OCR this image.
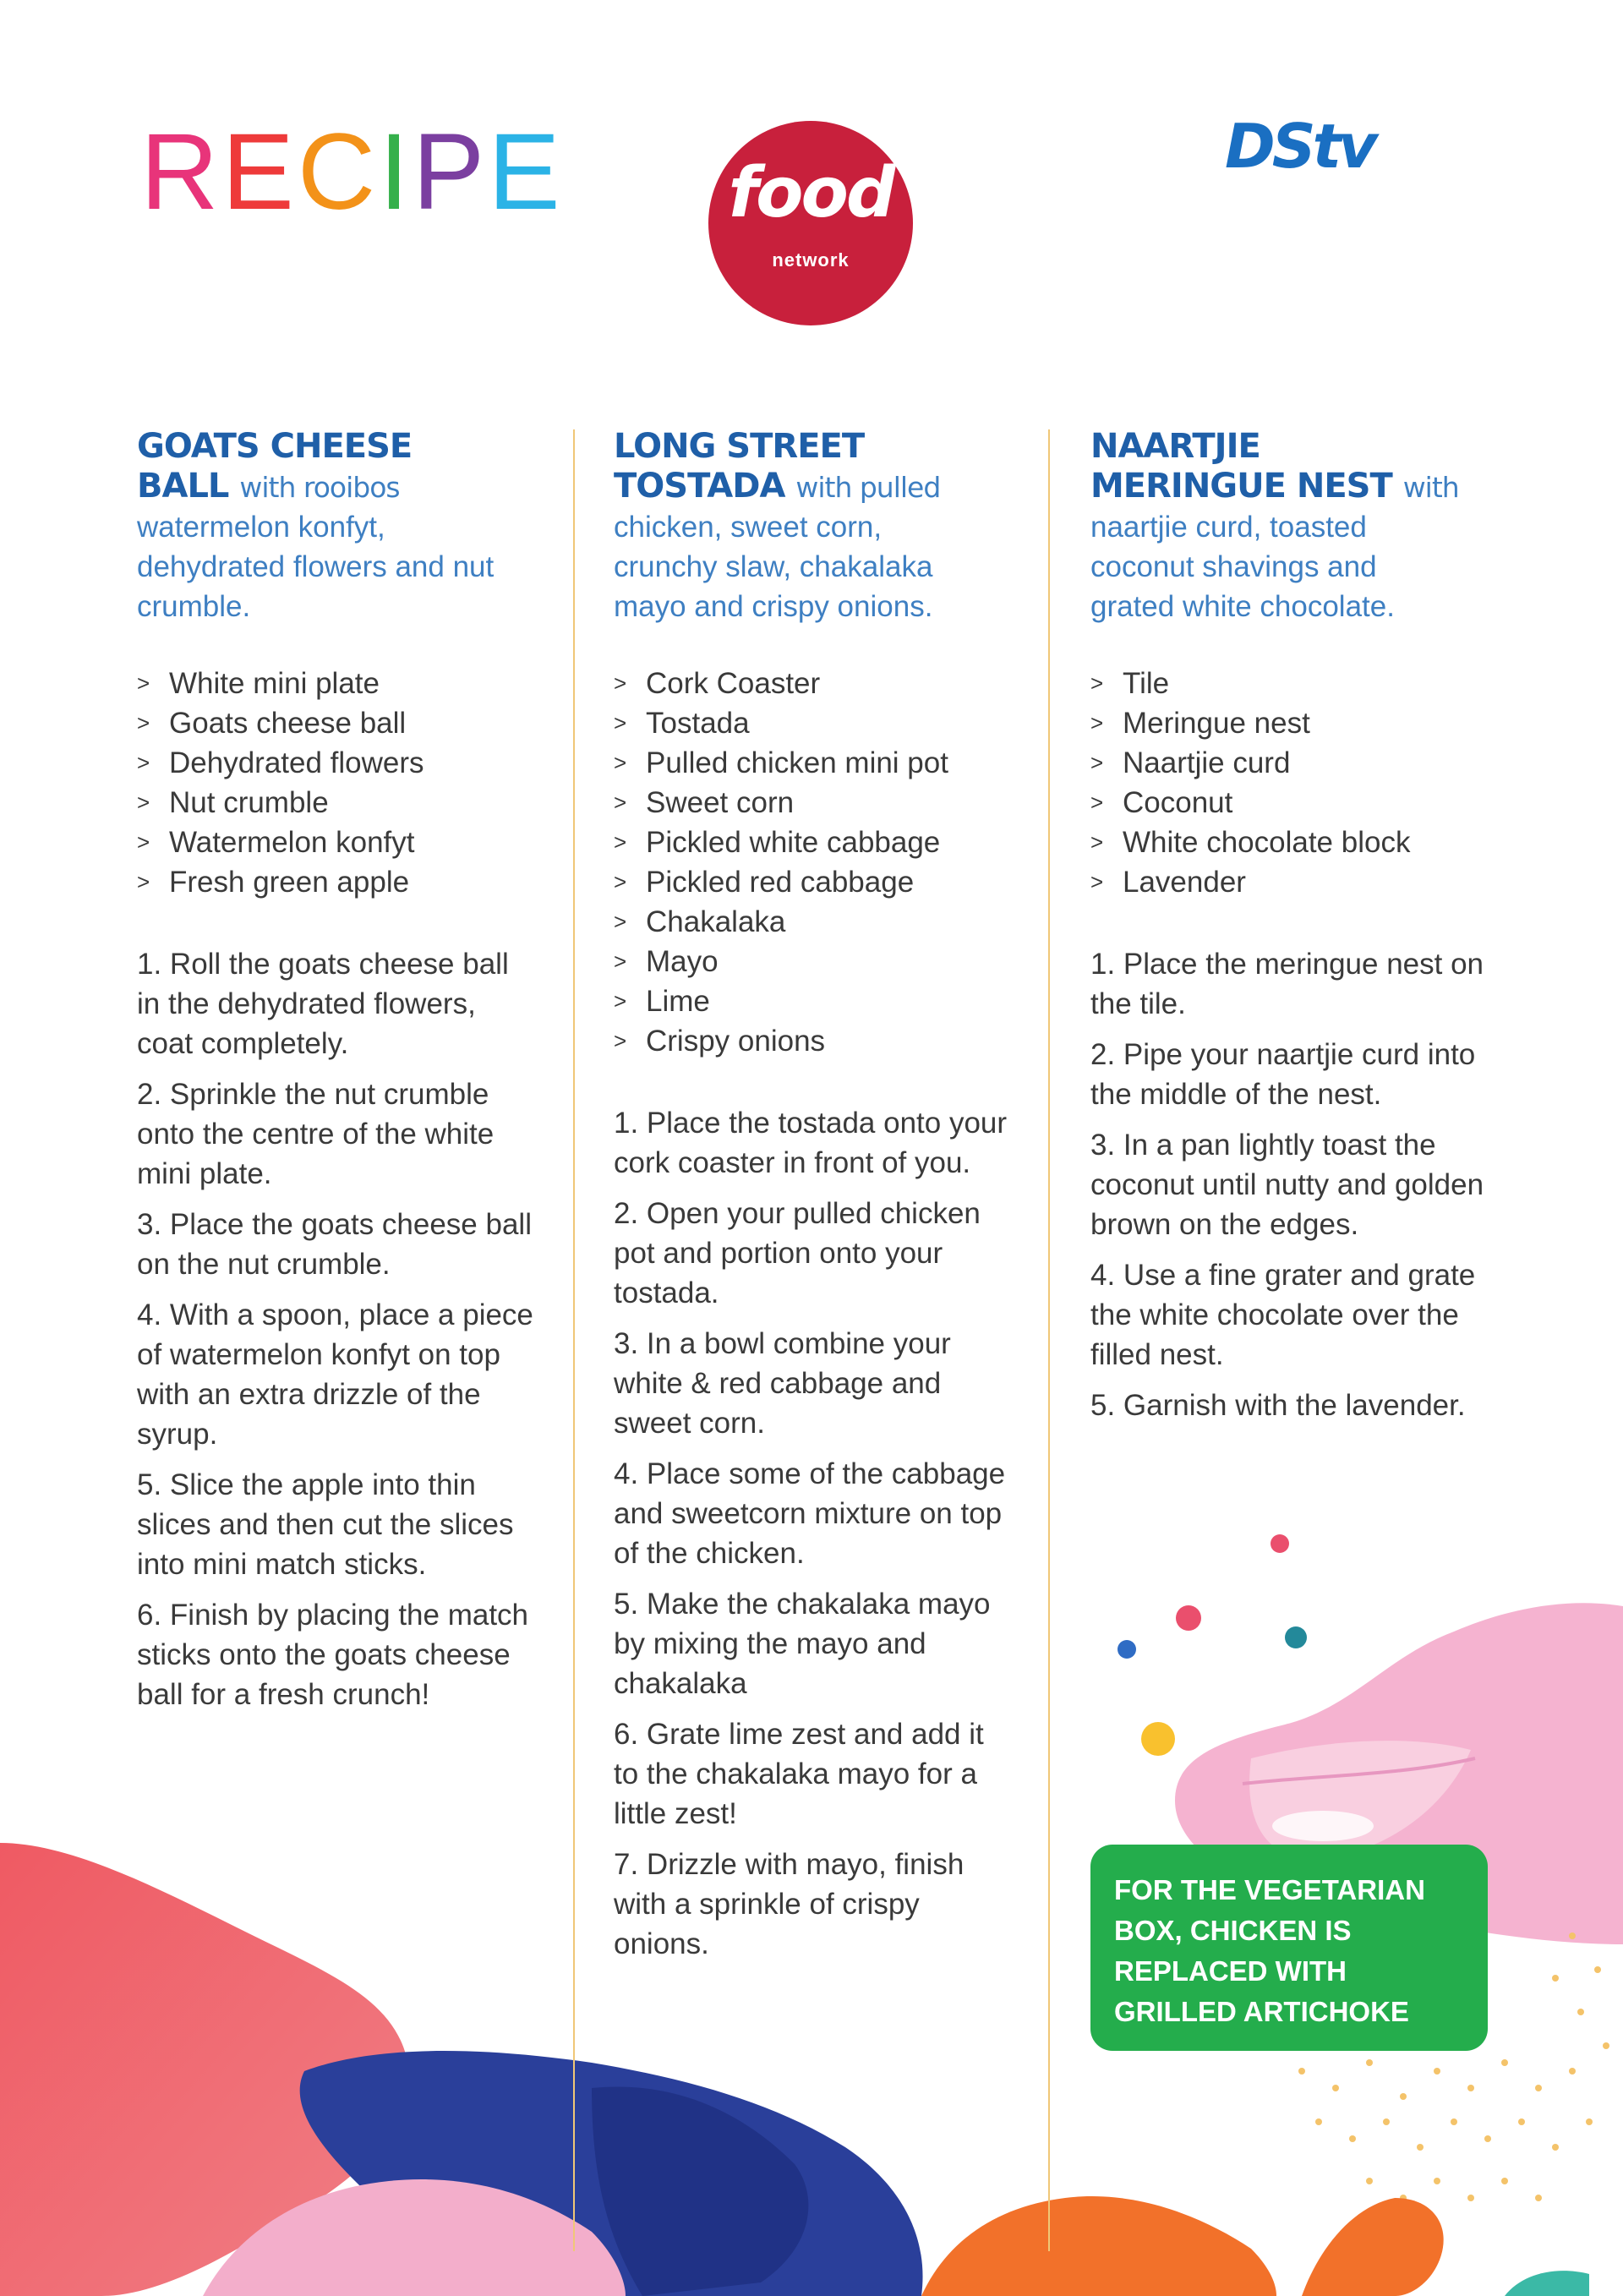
RECIPE food
network
DStv
GOATS CHEESE
BALL with rooibos
watermelon konfyt,
dehydrated flowers and nut
crumble.
> White mini plate
> Goats cheese ball
> Dehydrated flowers
> Nut crumble
> Watermelon konfyt
> Fresh green apple
1. Roll the goats cheese ball in the dehydrated flowers, coat completely.
2. Sprinkle the nut crumble onto the centre of the white mini plate.
3. Place the goats cheese ball on the nut crumble.
4. With a spoon, place a piece of watermelon konfyt on top with an extra drizzle of the syrup.
5. Slice the apple into thin slices and then cut the slices into mini match sticks.
6. Finish by placing the match sticks onto the goats cheese ball for a fresh crunch!
LONG STREET
TOSTADA with pulled
chicken, sweet corn,
crunchy slaw, chakalaka
mayo and crispy onions.
> Cork Coaster
> Tostada
> Pulled chicken mini pot
> Sweet corn
> Pickled white cabbage
> Pickled red cabbage
> Chakalaka
> Mayo
> Lime
> Crispy onions
1. Place the tostada onto your cork coaster in front of you.
2. Open your pulled chicken pot and portion onto your tostada.
3. In a bowl combine your white & red cabbage and sweet corn.
4. Place some of the cabbage and sweetcorn mixture on top of the chicken.
5. Make the chakalaka mayo by mixing the mayo and chakalaka
6. Grate lime zest and add it to the chakalaka mayo for a little zest!
7. Drizzle with mayo, finish with a sprinkle of crispy onions.
NAARTJIE
MERINGUE NEST with
naartjie curd, toasted
coconut shavings and
grated white chocolate.
> Tile
> Meringue nest
> Naartjie curd
> Coconut
> White chocolate block
> Lavender
1. Place the meringue nest on the tile.
2. Pipe your naartjie curd into the middle of the nest.
3. In a pan lightly toast the coconut until nutty and golden brown on the edges.
4. Use a fine grater and grate the white chocolate over the filled nest.
5. Garnish with the lavender.
FOR THE VEGETARIAN BOX, CHICKEN IS REPLACED WITH GRILLED ARTICHOKE
